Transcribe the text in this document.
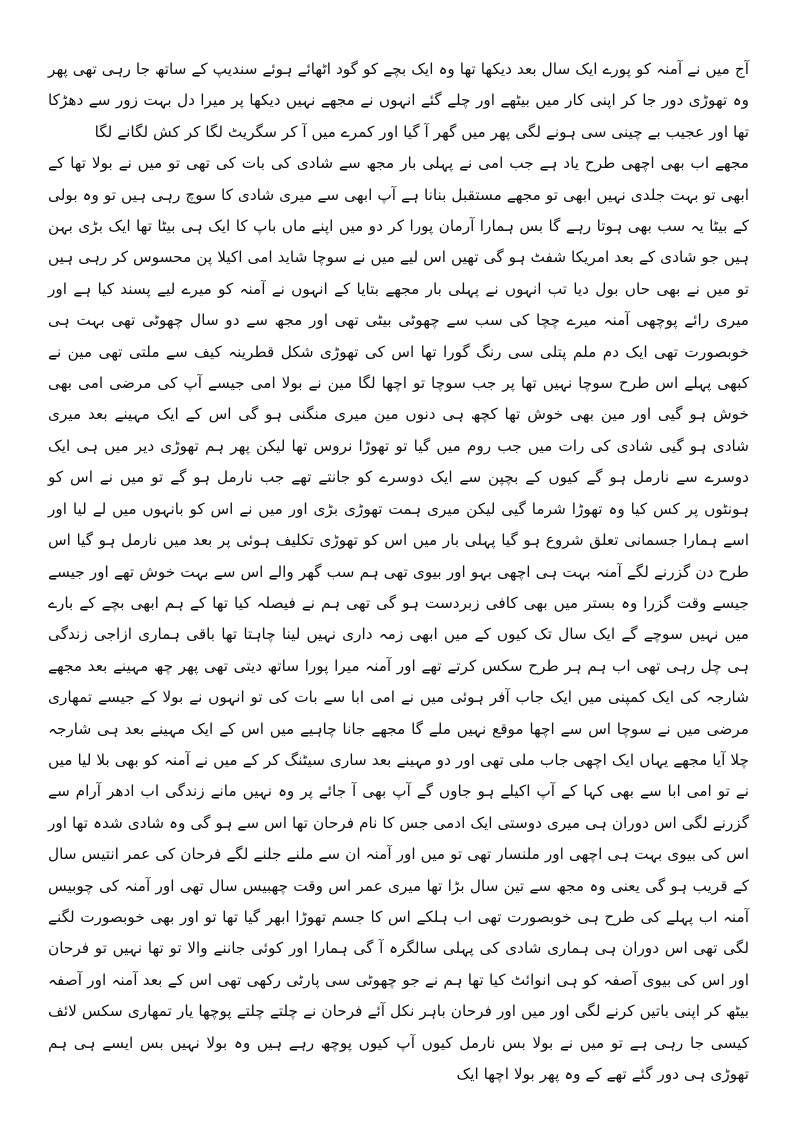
آج میں نے آمنہ کو پورے ایک سال بعد دیکھا تھا وہ ایک بچے کو گود اٹھائے ہوئے سندیپ کے ساتھ جا رہی تھی پھر وہ تھوڑی دور جا کر اپنی کار میں بیٹھے اور چلے گئے انہوں نے مجھے نہیں دیکھا پر میرا دل بہت زور سے دھڑکا تھا اور عجیب بے چینی سی ہونے لگی پھر میں گھر آ گیا اور کمرے میں آ کر سگریٹ لگا کر کش لگانے لگا

مجھے اب بھی اچھی طرح یاد ہے جب امی نے پہلی بار مجھ سے شادی کی بات کی تھی تو میں نے بولا تھا کے ابھی تو بہت جلدی نہیں ابھی تو مجھے مستقبل بنانا ہے آپ ابھی سے میری شادی کا سوچ رہی ہیں تو وہ بولی کے بیٹا یہ سب بھی ہوتا رہے گا بس ہمارا آرمان پورا کر دو میں اپنے ماں باپ کا ایک ہی بیٹا تھا ایک بڑی بہن ہیں جو شادی کے بعد امریکا شفٹ ہو گی تھیں اس لیے میں نے سوچا شاید امی اکیلا پن محسوس کر رہی ہیں تو میں نے بھی حاں بول دیا تب انہوں نے پہلی بار مجھے بتایا کے انہوں نے آمنہ کو میرے لیے پسند کیا ہے اور میری رائے پوچھی آمنہ میرے چچا کی سب سے چھوٹی بیٹی تھی اور مجھ سے دو سال چھوٹی تھی بہت ہی خوبصورت تھی ایک دم ملم پتلی سی رنگ گورا تھا اس کی تھوڑی شکل قطرینہ کیف سے ملتی تھی مین نے کبھی پہلے اس طرح سوچا نہیں تھا پر جب سوچا تو اچھا لگا مین نے بولا امی جیسے آپ کی مرضی امی بھی خوش ہو گیی اور مین بھی خوش تھا کچھ ہی دنوں مین میری منگنی ہو گی اس کے ایک مہینے بعد میری شادی ہو گیی شادی کی رات میں جب روم میں گیا تو تھوڑا نروس تھا لیکن پھر ہم تھوڑی دیر میں ہی ایک دوسرے سے نارمل ہو گے کیوں کے بچپن سے ایک دوسرے کو جانتے تھے جب نارمل ہو گے تو میں نے اس کو ہونٹوں پر کس کیا وہ تھوڑا شرما گیی لیکن میری ہمت تھوڑی بڑی اور میں نے اس کو بانہوں میں لے لیا اور اسے ہمارا جسمانی تعلق شروع ہو گیا پہلی بار میں اس کو تھوڑی تکلیف ہوئی پر بعد میں نارمل ہو گیا اس طرح دن گزرنے لگے آمنہ بہت ہی اچھی بہو اور بیوی تھی ہم سب گھر والے اس سے بہت خوش تھے اور جیسے جیسے وقت گزرا وہ بستر میں بھی کافی زبردست ہو گی تھی ہم نے فیصلہ کیا تھا کے ہم ابھی بچے کے بارے میں نہیں سوچے گے ایک سال تک کیوں کے میں ابھی زمہ داری نہیں لینا چاہتا تھا باقی ہماری ازاجی زندگی ہی چل رہی تھی اب ہم ہر طرح سکس کرتے تھے اور آمنہ میرا پورا ساتھ دیتی تھی پھر چھ مہینے بعد مجھے شارجہ کی ایک کمپنی میں ایک جاب آفر ہوئی میں نے امی ابا سے بات کی تو انہوں نے بولا کے جیسے تمھاری مرضی میں نے سوچا اس سے اچھا موقع نہیں ملے گا مجھے جانا چاہیے میں اس کے ایک مہینے بعد ہی شارجہ چلا آیا مجھے یہاں ایک اچھی جاب ملی تھی اور دو مہینے بعد ساری سیٹنگ کر کے میں نے آمنہ کو بھی بلا لیا میں نے تو امی ابا سے بھی کہا کے آپ اکیلے ہو جاوں گے آپ بھی آ جائے پر وہ نہیں مانے زندگی اب ادھر آرام سے گزرنے لگی اس دوران ہی میری دوستی ایک ادمی جس کا نام فرحان تھا اس سے ہو گی وہ شادی شدہ تھا اور اس کی بیوی بہت ہی اچھی اور ملنسار تھی تو میں اور آمنہ ان سے ملنے جلنے لگے فرحان کی عمر انتیس سال کے قریب ہو گی یعنی وہ مجھ سے تین سال بڑا تھا میری عمر اس وقت چھبیس سال تھی اور آمنہ کی چوبیس آمنہ اب پہلے کی طرح ہی خوبصورت تھی اب ہلکے اس کا جسم تھوڑا ابھر گیا تھا تو اور بھی خوبصورت لگنے لگی تھی اس دوران ہی ہماری شادی کی پہلی سالگرہ آ گی ہمارا اور کوئی جاننے والا تو تھا نہیں تو فرحان اور اس کی بیوی آصفہ کو ہی انوائٹ کیا تھا ہم نے جو چھوٹی سی پارٹی رکھی تھی اس کے بعد آمنہ اور آصفہ بیٹھ کر اپنی باتیں کرنے لگی اور میں اور فرحان باہر نکل آئے فرحان نے چلتے چلتے پوچھا یار تمھاری سکس لائف کیسی جا رہی ہے تو میں نے بولا بس نارمل کیوں آپ کیوں پوچھ رہے ہیں وہ بولا نہیں بس ایسے ہی ہم تھوڑی ہی دور گئے تھے کے وہ پھر بولا اچھا ایک
